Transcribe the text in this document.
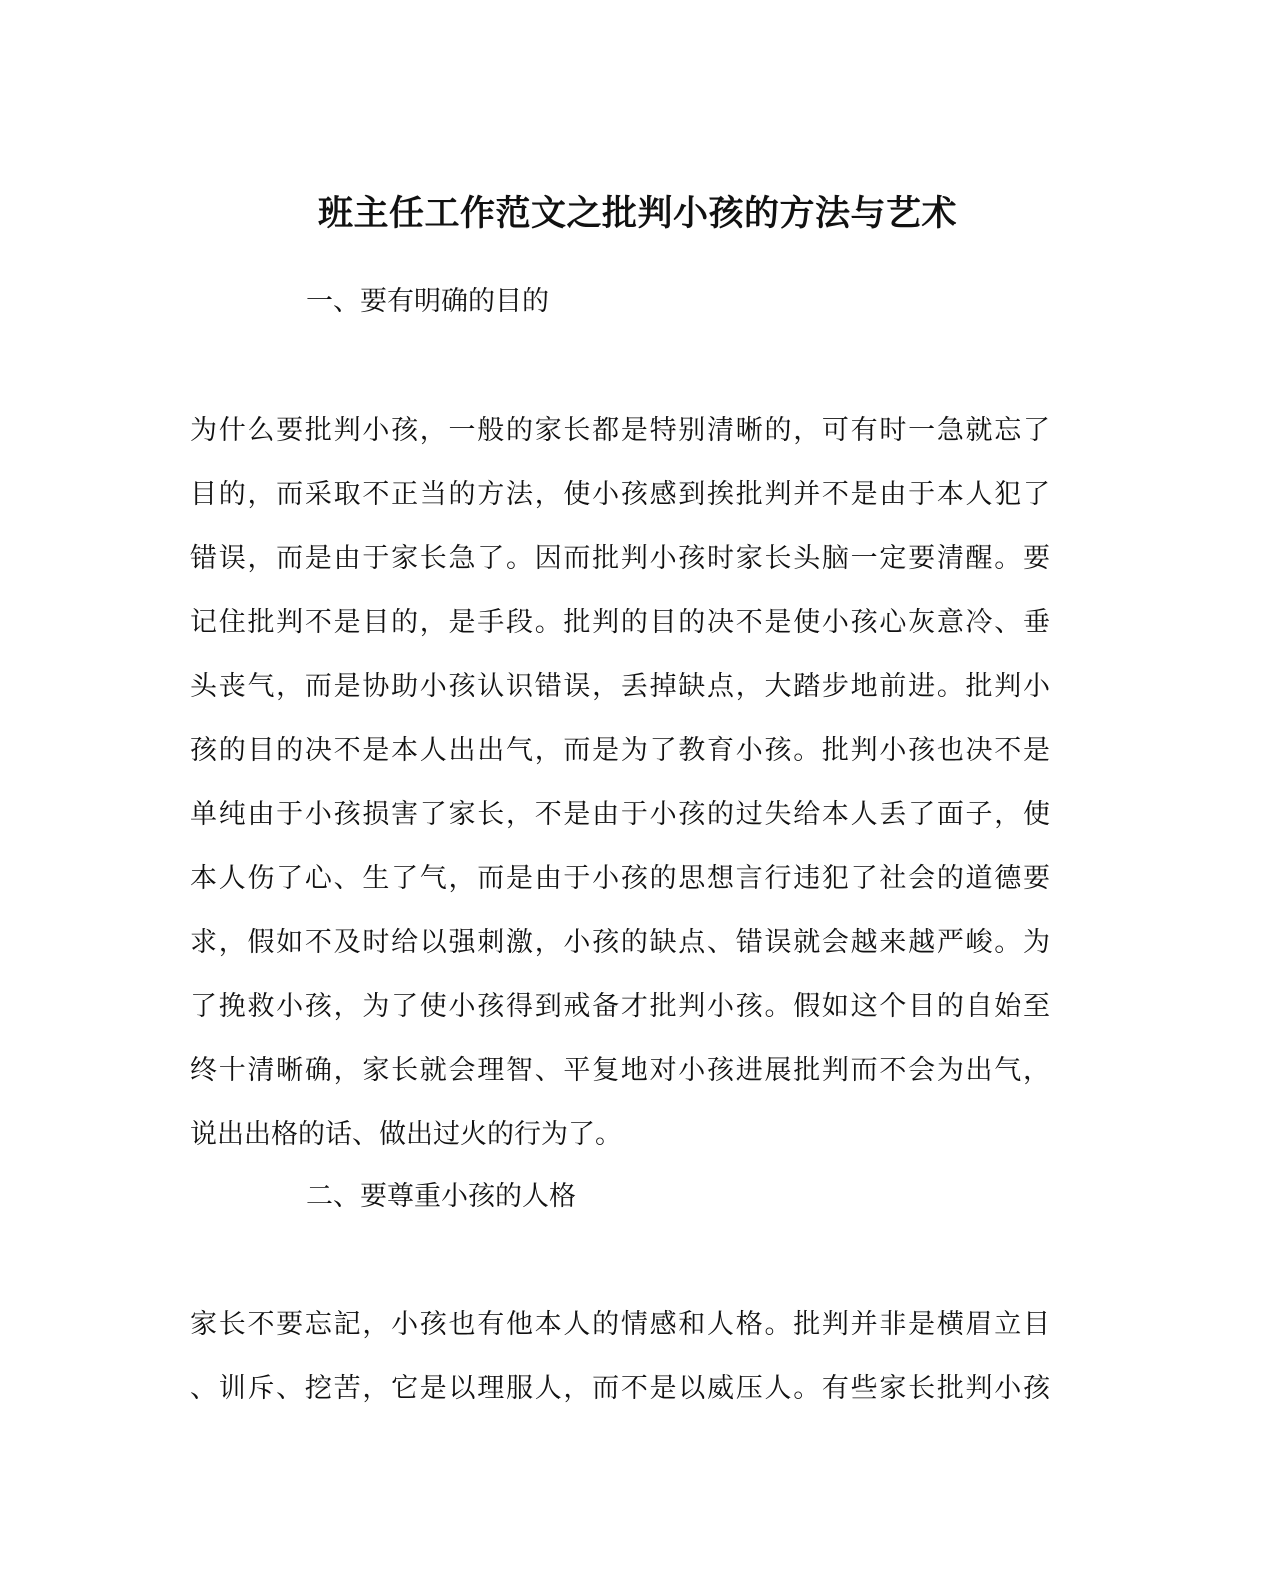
班主任工作范文之批判小孩的方法与艺术

一、要有明确的目的

为什么要批判小孩，一般的家长都是特别清晰的，可有时一急就忘了

目的，而采取不正当的方法，使小孩感到挨批判并不是由于本人犯了

错误，而是由于家长急了。因而批判小孩时家长头脑一定要清醒。要

记住批判不是目的，是手段。批判的目的决不是使小孩心灰意冷、垂

头丧气，而是协助小孩认识错误，丢掉缺点，大踏步地前进。批判小

孩的目的决不是本人出出气，而是为了教育小孩。批判小孩也决不是

单纯由于小孩损害了家长，不是由于小孩的过失给本人丢了面子，使

本人伤了心、生了气，而是由于小孩的思想言行违犯了社会的道德要

求，假如不及时给以强刺激，小孩的缺点、错误就会越来越严峻。为

了挽救小孩，为了使小孩得到戒备才批判小孩。假如这个目的自始至

终十清晰确，家长就会理智、平复地对小孩进展批判而不会为出气，

说出出格的话、做出过火的行为了。

二、要尊重小孩的人格

家长不要忘記，小孩也有他本人的情感和人格。批判并非是横眉立目

、训斥、挖苦，它是以理服人，而不是以威压人。有些家长批判小孩
